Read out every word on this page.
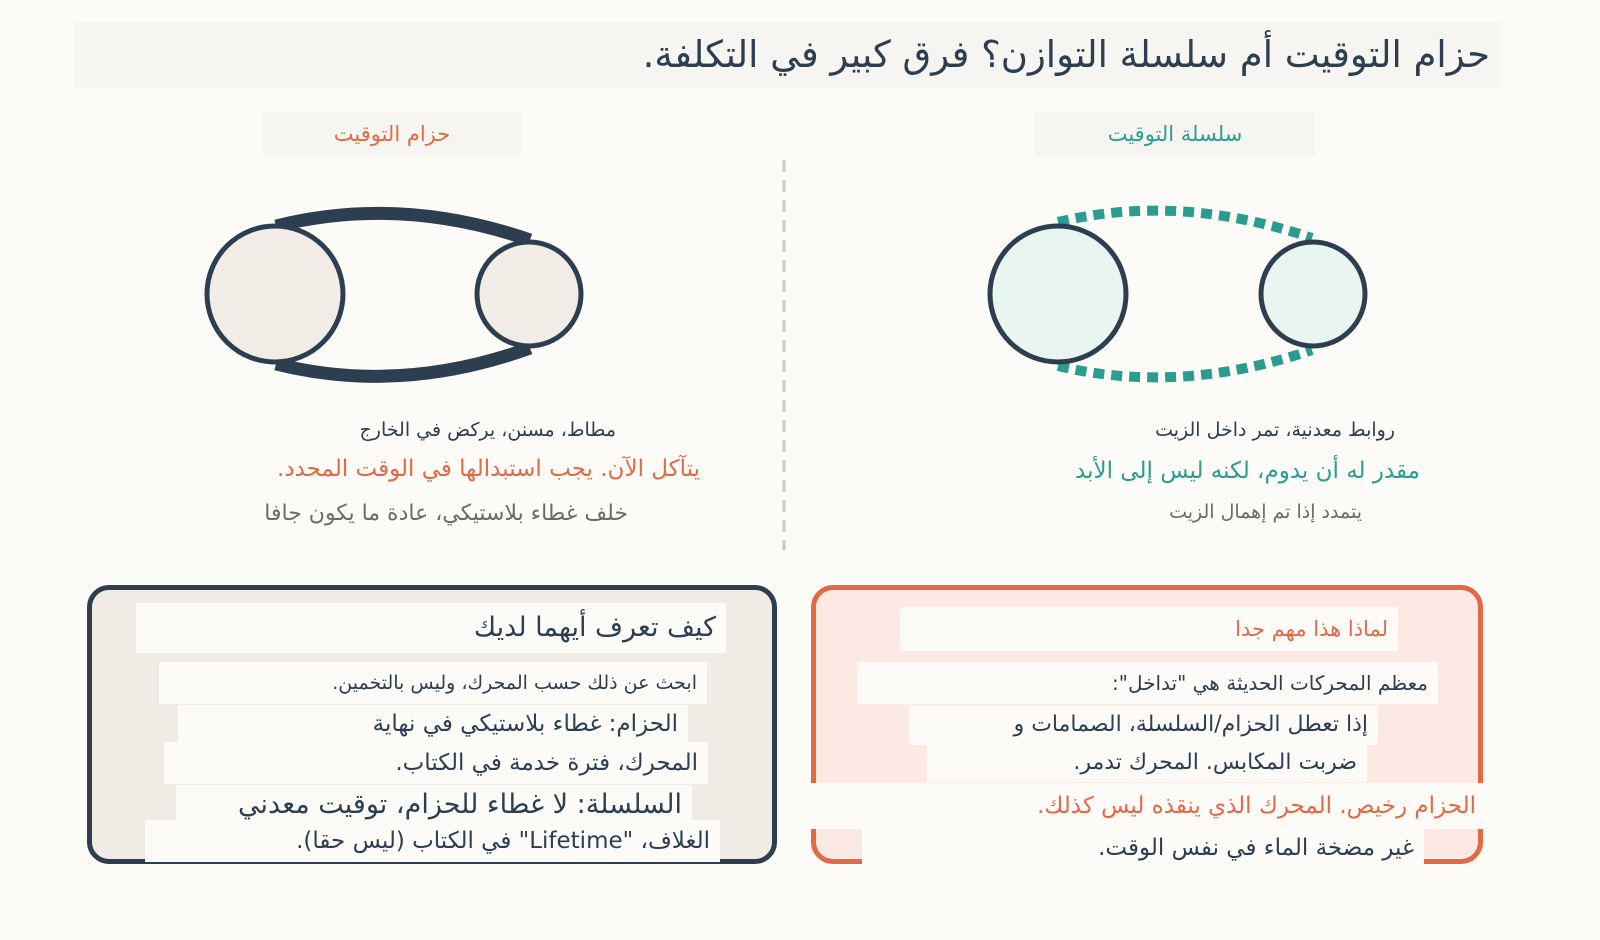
حزام التوقيت أم سلسلة التوازن؟ فرق كبير في التكلفة.
سلسلة التوقيت
حزام التوقيت
روابط معدنية، تمر داخل الزيت
مقدر له أن يدوم، لكنه ليس إلى الأبد
يتمدد إذا تم إهمال الزيت
مطاط، مسنن، يركض في الخارج
يتآكل الآن. يجب استبدالها في الوقت المحدد.
خلف غطاء بلاستيكي، عادة ما يكون جافا
كيف تعرف أيهما لديك
ابحث عن ذلك حسب المحرك، وليس بالتخمين.
الحزام: غطاء بلاستيكي في نهاية
المحرك، فترة خدمة في الكتاب.
السلسلة: لا غطاء للحزام، توقيت معدني
الغلاف، "Lifetime" في الكتاب (ليس حقا).
لماذا هذا مهم جدا
معظم المحركات الحديثة هي "تداخل":
إذا تعطل الحزام/السلسلة، الصمامات و
ضربت المكابس. المحرك تدمر.
الحزام رخيص. المحرك الذي ينقذه ليس كذلك.
غير مضخة الماء في نفس الوقت.
